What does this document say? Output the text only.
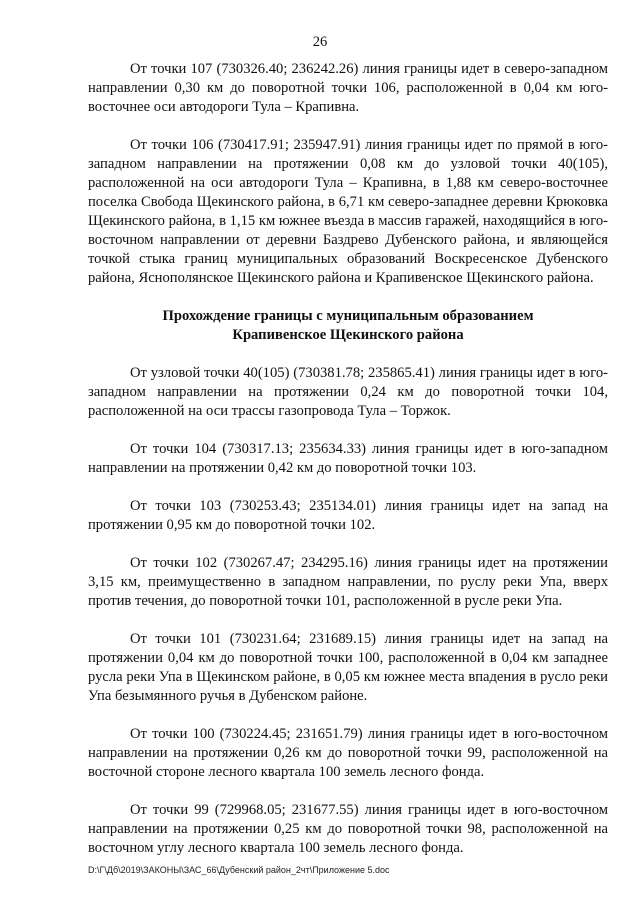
26

От точки 107 (730326.40; 236242.26) линия границы идет в северо-западном направлении 0,30 км до поворотной точки 106, расположенной в 0,04 км юго-восточнее оси автодороги Тула – Крапивна.

От точки 106 (730417.91; 235947.91) линия границы идет по прямой в юго-западном направлении на протяжении 0,08 км до узловой точки 40(105), расположенной на оси автодороги Тула – Крапивна, в 1,88 км северо-восточнее поселка Свобода Щекинского района, в 6,71 км северо-западнее деревни Крюковка Щекинского района, в 1,15 км южнее въезда в массив гаражей, находящийся в юго-восточном направлении от деревни Баздрево Дубенского района, и являющейся точкой стыка границ муниципальных образований Воскресенское Дубенского района, Яснополянское Щекинского района и Крапивенское Щекинского района.

Прохождение границы с муниципальным образованием

Крапивенское Щекинского района

От узловой точки 40(105) (730381.78; 235865.41) линия границы идет в юго-западном направлении на протяжении 0,24 км до поворотной точки 104, расположенной на оси трассы газопровода Тула – Торжок.

От точки 104 (730317.13; 235634.33) линия границы идет в юго-западном направлении на протяжении 0,42 км до поворотной точки 103.

От точки 103 (730253.43; 235134.01) линия границы идет на запад на протяжении 0,95 км до поворотной точки 102.

От точки 102 (730267.47; 234295.16) линия границы идет на протяжении 3,15 км, преимущественно в западном направлении, по руслу реки Упа, вверх против течения, до поворотной точки 101, расположенной в русле реки Упа.

От точки 101 (730231.64; 231689.15) линия границы идет на запад на протяжении 0,04 км до поворотной точки 100, расположенной в 0,04 км западнее русла реки Упа в Щекинском районе, в 0,05 км южнее места впадения в русло реки Упа безымянного ручья в Дубенском районе.

От точки 100 (730224.45; 231651.79) линия границы идет в юго-восточном направлении на протяжении 0,26 км до поворотной точки 99, расположенной на восточной стороне лесного квартала 100 земель лесного фонда.

От точки 99 (729968.05; 231677.55) линия границы идет в юго-восточном направлении на протяжении 0,25 км до поворотной точки 98, расположенной на восточном углу лесного квартала 100 земель лесного фонда.

D:\Г\Дб\2019\ЗАКОНЫ\ЗАС_66\Дубенский район_2чт\Приложение 5.doc
